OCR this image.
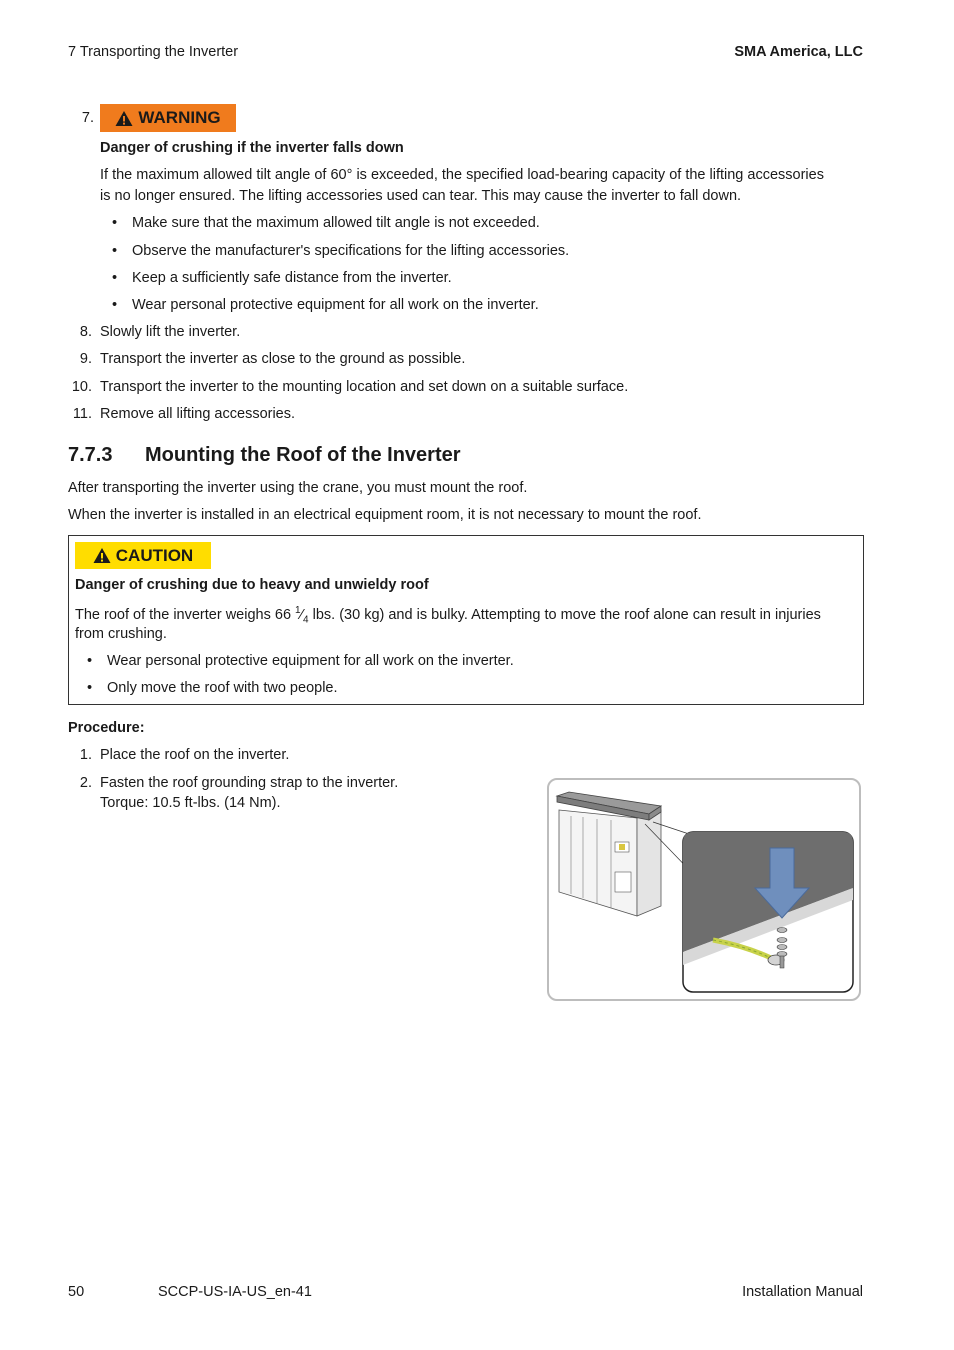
7 Transporting the Inverter	SMA America, LLC
7.	WARNING
Danger of crushing if the inverter falls down
If the maximum allowed tilt angle of 60° is exceeded, the specified load-bearing capacity of the lifting accessories
is no longer ensured. The lifting accessories used can tear. This may cause the inverter to fall down.
• Make sure that the maximum allowed tilt angle is not exceeded.
• Observe the manufacturer's specifications for the lifting accessories.
• Keep a sufficiently safe distance from the inverter.
• Wear personal protective equipment for all work on the inverter.
8. Slowly lift the inverter.
9. Transport the inverter as close to the ground as possible.
10. Transport the inverter to the mounting location and set down on a suitable surface.
11. Remove all lifting accessories.
7.7.3 Mounting the Roof of the Inverter
After transporting the inverter using the crane, you must mount the roof.
When the inverter is installed in an electrical equipment room, it is not necessary to mount the roof.
CAUTION
Danger of crushing due to heavy and unwieldy roof
The roof of the inverter weighs 66 $^1⁄_4$ lbs. (30 kg) and is bulky. Attempting to move the roof alone can result in injuries
from crushing.
• Wear personal protective equipment for all work on the inverter.
• Only move the roof with two people.
Procedure:
1. Place the roof on the inverter.
2. Fasten the roof grounding strap to the inverter.
Torque: 10.5 ft-lbs. (14 Nm).
50	SCCP-US-IA-US_en-41	Installation Manual
